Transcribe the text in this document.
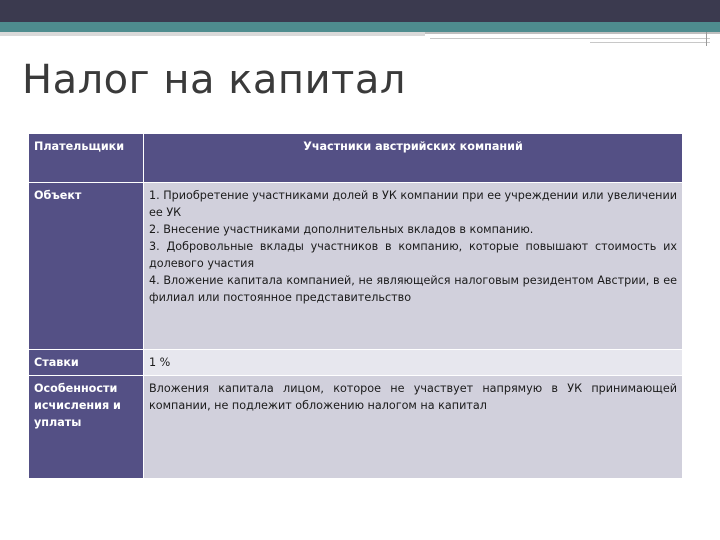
Налог на капитал
Плательщики	Участники австрийских компаний
Объект	1. Приобретение участниками долей в УК компании при ее учреждении или увеличении ее УК
2. Внесение участниками дополнительных вкладов в компанию.
3. Добровольные вклады участников в компанию, которые повышают стоимость их долевого участия
4. Вложение капитала компанией, не являющейся налоговым резидентом Австрии, в ее филиал или постоянное представительство

Ставки	1 %
Особенности исчисления и уплаты	Вложения капитала лицом, которое не участвует напрямую в УК принимающей компании, не подлежит обложению налогом на капитал
